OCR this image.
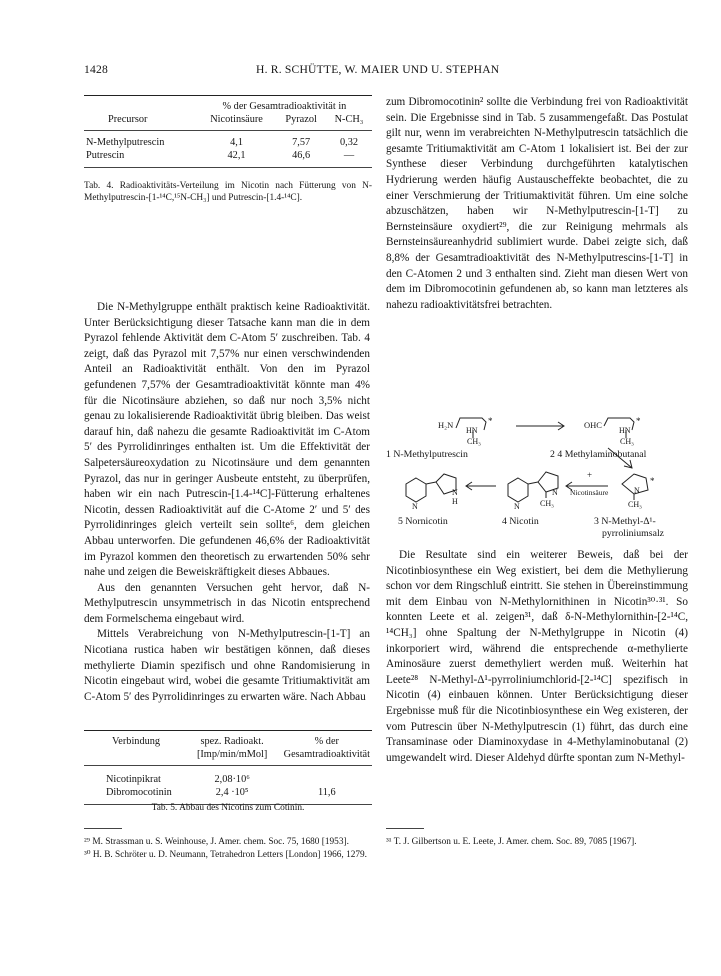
1428	H. R. SCHÜTTE, W. MAIER UND U. STEPHAN
	% der Gesamtradioaktivität in		
Precursor	Nicotinsäure	Pyrazol	N-CH₃
N-Methylputrescin	4,1	7,57	0,32
Putrescin	42,1	46,6	—
Tab. 4. Radioaktivitäts-Verteilung im Nicotin nach Fütterung von N-Methylputrescin-[1-¹⁴C,¹⁵N-CH₃] und Putrescin-[1.4-¹⁴C].

Die N-Methylgruppe enthält praktisch keine Radioaktivität. Unter Berücksichtigung dieser Tatsache kann man die in dem Pyrazol fehlende Aktivität dem C-Atom 5′ zuschreiben. Tab. 4 zeigt, daß das Pyrazol mit 7,57% nur einen verschwindenden Anteil an Radioaktivität enthält. Von den im Pyrazol gefundenen 7,57% der Gesamtradioaktivität könnte man 4% für die Nicotinsäure abziehen, so daß nur noch 3,5% nicht genau zu lokalisierende Radioaktivität übrig bleiben. Das weist darauf hin, daß nahezu die gesamte Radioaktivität im C-Atom 5′ des Pyrrolidinringes enthalten ist. Um die Effektivität der Salpetersäureoxydation zu Nicotinsäure und dem genannten Pyrazol, das nur in geringer Ausbeute entsteht, zu überprüfen, haben wir ein nach Putrescin-[1.4-¹⁴C]-Fütterung erhaltenes Nicotin, dessen Radioaktivität auf die C-Atome 2′ und 5′ des Pyrrolidinringes gleich verteilt sein sollte⁶, dem gleichen Abbau unterworfen. Die gefundenen 46,6% der Radioaktivität im Pyrazol kommen den theoretisch zu erwartenden 50% sehr nahe und zeigen die Beweiskräftigkeit dieses Abbaues.

Aus den genannten Versuchen geht hervor, daß N-Methylputrescin unsymmetrisch in das Nicotin entsprechend dem Formelschema eingebaut wird.

Mittels Verabreichung von N-Methylputrescin-[1-T] an Nicotiana rustica haben wir bestätigen können, daß dieses methylierte Diamin spezifisch und ohne Randomisierung in Nicotin eingebaut wird, wobei die gesamte Tritiumaktivität am C-Atom 5′ des Pyrrolidinringes zu erwarten wäre. Nach Abbau

Verbindung	spez. Radioakt. [Imp/min/mMol]	% der Gesamtradioaktivität
Nicotinpikrat	2,08·10⁶	
Dibromocotinin	2,4 ·10⁵	11,6
Tab. 5. Abbau des Nicotins zum Cotinin.

zum Dibromocotinin² sollte die Verbindung frei von Radioaktivität sein. Die Ergebnisse sind in Tab. 5 zusammengefaßt. Das Postulat gilt nur, wenn im verabreichten N-Methylputrescin tatsächlich die gesamte Tritiumaktivität am C-Atom 1 lokalisiert ist. Bei der zur Synthese dieser Verbindung durchgeführten katalytischen Hydrierung werden häufig Austauscheffekte beobachtet, die zu einer Verschmierung der Tritiumaktivität führen. Um eine solche abzuschätzen, haben wir N-Methylputrescin-[1-T] zu Bernsteinsäure oxydiert²⁹, die zur Reinigung mehrmals als Bernsteinsäureanhydrid sublimiert wurde. Dabei zeigte sich, daß 8,8% der Gesamtradioaktivität des N-Methylputrescins-[1-T] in den C-Atomen 2 und 3 enthalten sind. Zieht man diesen Wert von dem im Dibromocotinin gefundenen ab, so kann man letzteres als nahezu radioaktivitätsfrei betrachten.

H₂N
HN
*
CH₃
OHC
HN
*
CH₃
1 N-Methylputrescin	2 4 Methylaminobutanal
N
N
H
N
N
CH₃
+
Nicotinsäure	N
*
CH₃
5 Nornicotin	4 Nicotin	3 N-Methyl-Δ¹-
pyrroliniumsalz

Die Resultate sind ein weiterer Beweis, daß bei der Nicotinbiosynthese ein Weg existiert, bei dem die Methylierung schon vor dem Ringschluß eintritt. Sie stehen in Übereinstimmung mit dem Einbau von N-Methylornithinen in Nicotin³⁰·³¹. So konnten Leete et al. zeigen³¹, daß δ-N-Methylornithin-[2-¹⁴C, ¹⁴CH₃] ohne Spaltung der N-Methylgruppe in Nicotin (4) inkorporiert wird, während die entsprechende α-methylierte Aminosäure zuerst demethyliert werden muß. Weiterhin hat Leete²⁸ N-Methyl-Δ¹-pyrroliniumchlorid-[2-¹⁴C] spezifisch in Nicotin (4) einbauen können. Unter Berücksichtigung dieser Ergebnisse muß für die Nicotinbiosynthese ein Weg existeren, der vom Putrescin über N-Methylputrescin (1) führt, das durch eine Transaminase oder Diaminoxydase in 4-Methylaminobutanal (2) umgewandelt wird. Dieser Aldehyd dürfte spontan zum N-Methyl-

²⁹ M. Strassman u. S. Weinhouse, J. Amer. chem. Soc. 75, 1680 [1953].

³⁰ H. B. Schröter u. D. Neumann, Tetrahedron Letters [London] 1966, 1279.

³¹ T. J. Gilbertson u. E. Leete, J. Amer. chem. Soc. 89, 7085 [1967].
